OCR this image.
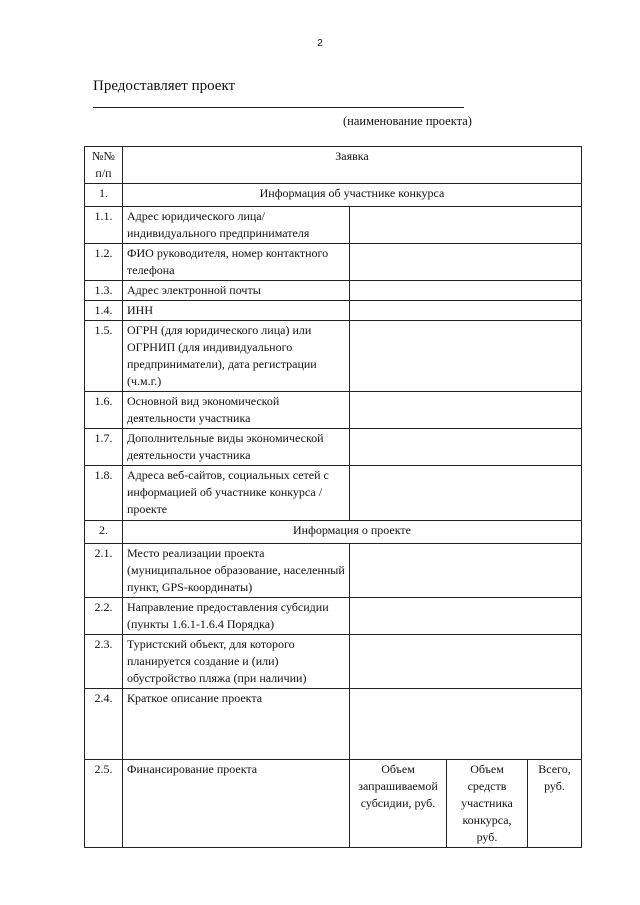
2
Предоставляет проект
(наименование проекта)
№№
п/п	Заявка			
1.	Информация об участнике конкурса			
1.1.	Адрес юридического лица/ индивидуального предпринимателя			
1.2.	ФИО руководителя, номер контактного телефона			
1.3.	Адрес электронной почты			
1.4.	ИНН			
1.5.	ОГРН (для юридического лица) или ОГРНИП (для индивидуального предприниматели), дата регистрации (ч.м.г.)			
1.6.	Основной вид экономической деятельности участника			
1.7.	Дополнительные виды экономической деятельности участника			
1.8.	Адреса веб-сайтов, социальных сетей с информацией об участнике конкурса / проекте			
2.	Информация о проекте			
2.1.	Место реализации проекта (муниципальное образование, населенный пункт, GPS-координаты)			
2.2.	Направление предоставления субсидии (пункты 1.6.1-1.6.4 Порядка)			
2.3.	Туристский объект, для которого планируется создание и (или) обустройство пляжа (при наличии)			
2.4.	Краткое описание проекта			
2.5.	Финансирование проекта	Объем запрашиваемой субсидии, руб.	Объем средств участника конкурса, руб.	Всего, руб.
